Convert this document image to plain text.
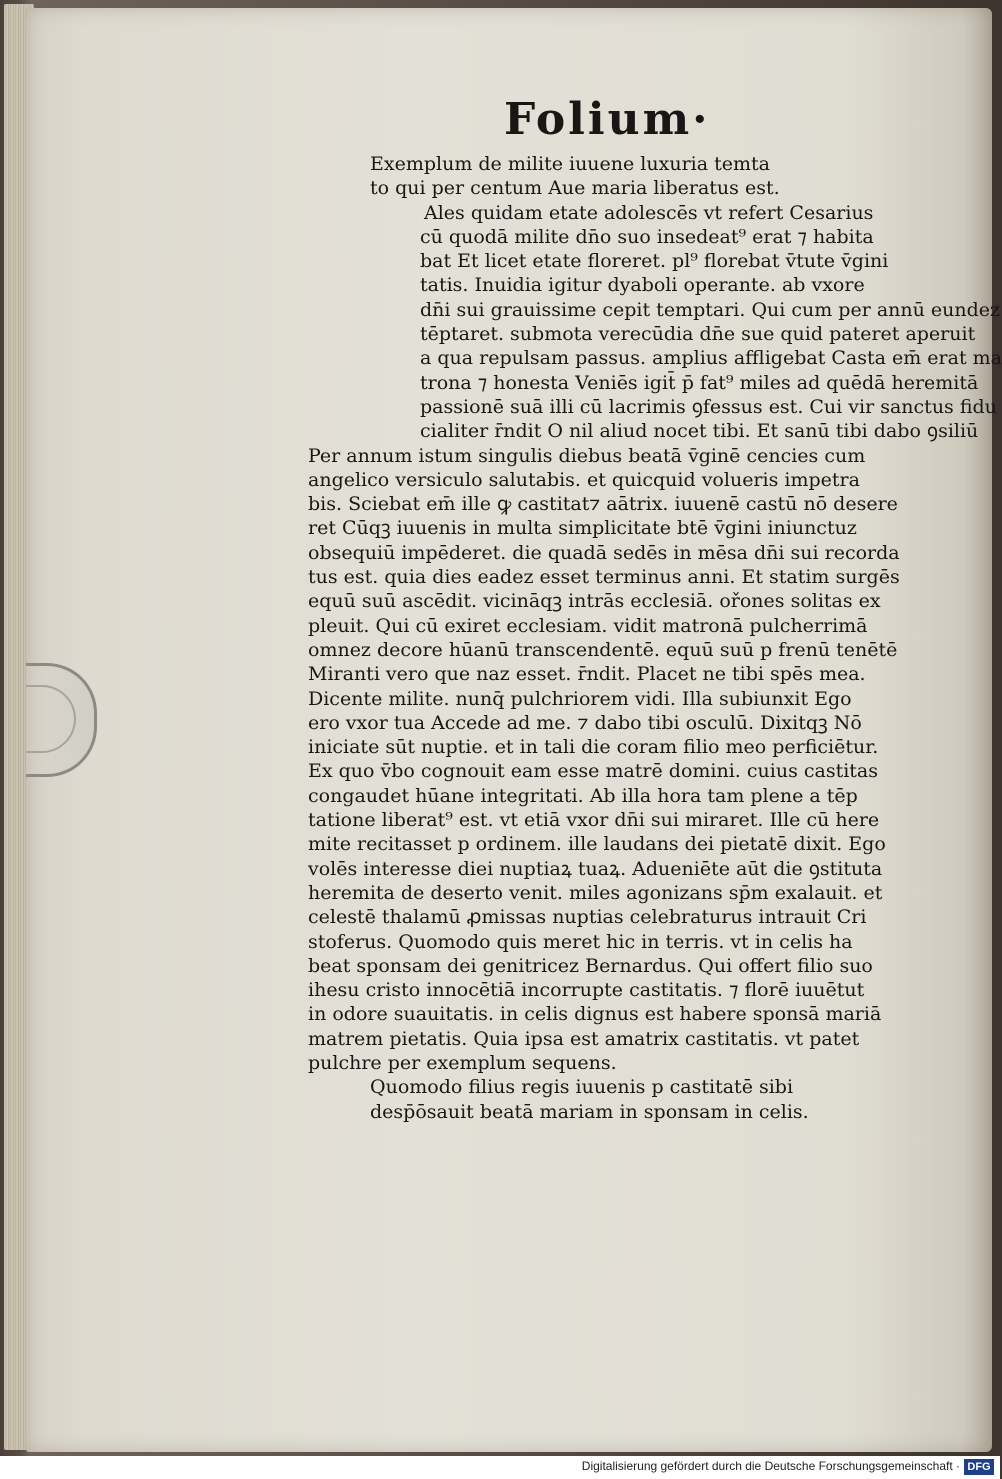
Folium·
Exemplum de milite iuuene luxuria temta
to qui per centum Aue maria liberatus est.
Ales quidam etate adolescēs vt refert Cesarius
cū quodā milite dn̄o suo insedeat⁹ erat ⁊ habita
bat Et licet etate floreret. pl⁹ florebat v̄tute v̄gini
tatis. Inuidia igitur dyaboli operante. ab vxore
dn̄i sui grauissime cepit temptari. Qui cum per annū eundez
tēptaret. submota verecūdia dn̄e sue quid pateret aperuit
a qua repulsam passus. amplius affligebat Casta em̄ erat ma
trona ⁊ honesta Veniēs igit̄ p̄ fat⁹ miles ad quēdā heremitā
passionē suā illi cū lacrimis ꝯfessus est. Cui vir sanctus fidu
cialiter r̄ndit O nil aliud nocet tibi. Et sanū tibi dabo ꝯsiliū
Per annum istum singulis diebus beatā v̄ginē cencies cum
angelico versiculo salutabis. et quicquid volueris impetra
bis. Sciebat em̄ ille ꝙ castitat⁊ aātrix. iuuenē castū nō desere
ret Cūqꝫ iuuenis in multa simplicitate btē v̄gini iniunctuz
obsequiū impēderet. die quadā sedēs in mēsa dn̄i sui recorda
tus est. quia dies eadez esset terminus anni. Et statim surgēs
equū suū ascēdit. vicināqꝫ intrās ecclesiā. ořones solitas ex
pleuit. Qui cū exiret ecclesiam. vidit matronā pulcherrimā
omnez decore hūanū transcendentē. equū suū p frenū tenētē
Miranti vero que naz esset. r̄ndit. Placet ne tibi spēs mea.
Dicente milite. nunq̄ pulchriorem vidi. Illa subiunxit Ego
ero vxor tua Accede ad me. ⁊ dabo tibi osculū. Dixitqꝫ Nō
iniciate sūt nuptie. et in tali die coram filio meo perficiētur.
Ex quo v̄bo cognouit eam esse matrē domini. cuius castitas
congaudet hūane integritati. Ab illa hora tam plene a tēp
tatione liberat⁹ est. vt etiā vxor dn̄i sui miraret. Ille cū here
mite recitasset p ordinem. ille laudans dei pietatē dixit. Ego
volēs interesse diei nuptiaꝝ tuaꝝ. Adueniēte aūt die ꝯstituta
heremita de deserto venit. miles agonizans sp̄m exalauit. et
celestē thalamū ꝓmissas nuptias celebraturus intrauit Cri
stoferus. Quomodo quis meret hic in terris. vt in celis ha
beat sponsam dei genitricez Bernardus. Qui offert filio suo
ihesu cristo innocētiā incorrupte castitatis. ⁊ florē iuuētut
in odore suauitatis. in celis dignus est habere sponsā mariā
matrem pietatis. Quia ipsa est amatrix castitatis. vt patet
pulchre per exemplum sequens.
Quomodo filius regis iuuenis p castitatē sibi
desp̄ōsauit beatā mariam in sponsam in celis.
Digitalisierung gefördert durch die Deutsche Forschungsgemeinschaft · DFG
